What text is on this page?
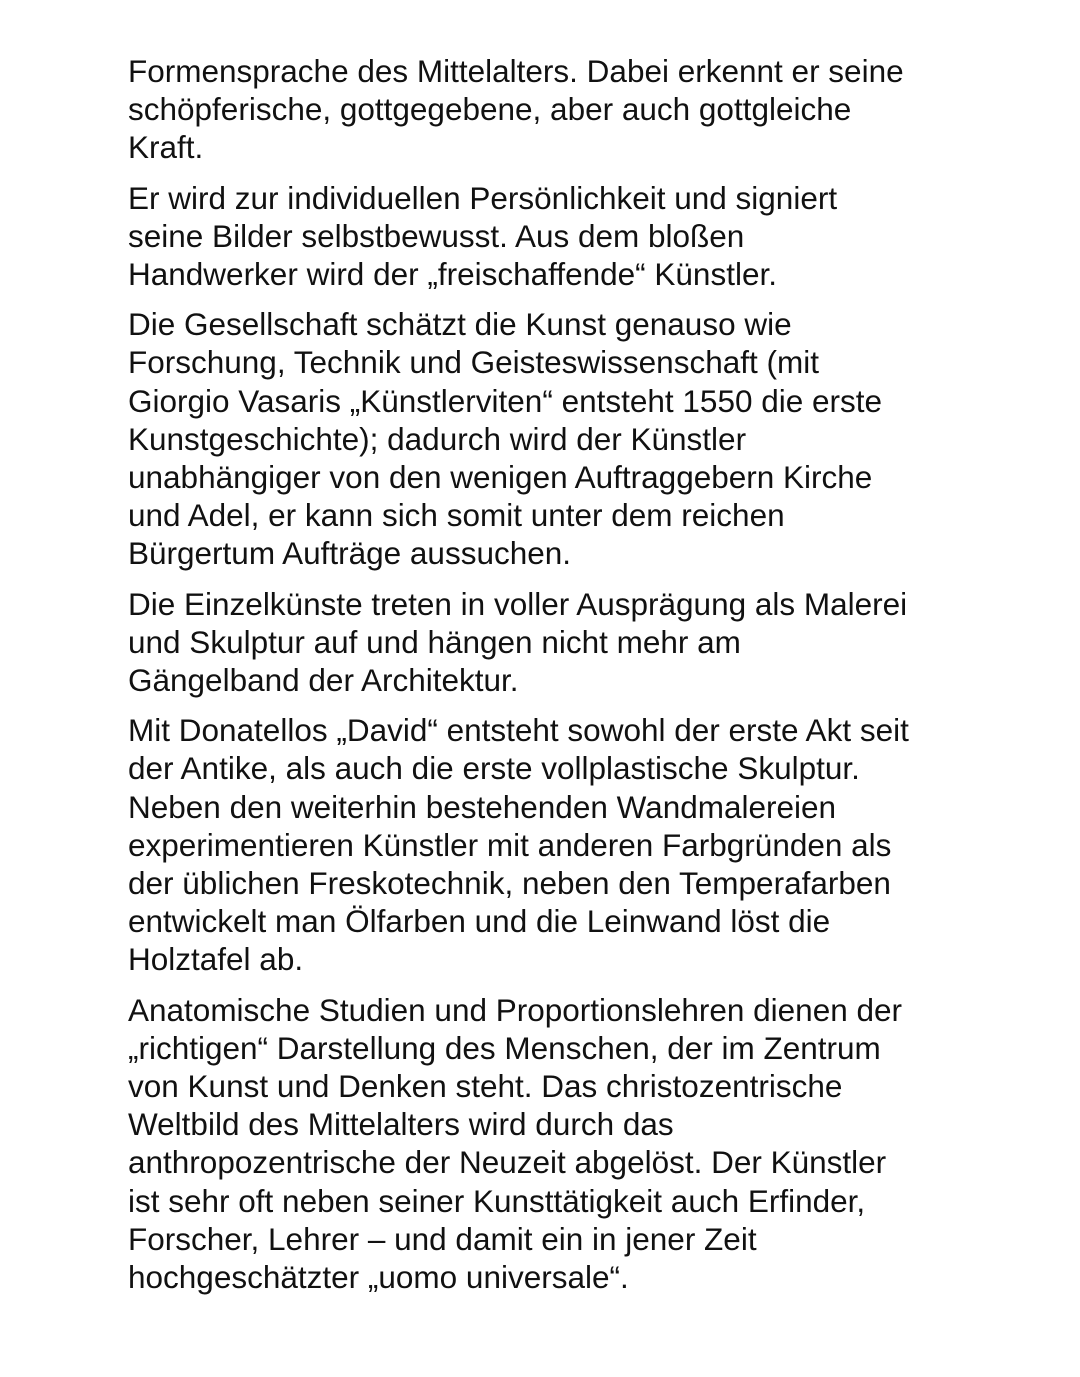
Formensprache des Mittelalters. Dabei erkennt er seine
schöpferische, gottgegebene, aber auch gottgleiche
Kraft.

Er wird zur individuellen Persönlichkeit und signiert
seine Bilder selbstbewusst. Aus dem bloßen
Handwerker wird der „freischaffende“ Künstler.

Die Gesellschaft schätzt die Kunst genauso wie
Forschung, Technik und Geisteswissenschaft (mit
Giorgio Vasaris „Künstlerviten“ entsteht 1550 die erste
Kunstgeschichte); dadurch wird der Künstler
unabhängiger von den wenigen Auftraggebern Kirche
und Adel, er kann sich somit unter dem reichen
Bürgertum Aufträge aussuchen.

Die Einzelkünste treten in voller Ausprägung als Malerei
und Skulptur auf und hängen nicht mehr am
Gängelband der Architektur.

Mit Donatellos „David“ entsteht sowohl der erste Akt seit
der Antike, als auch die erste vollplastische Skulptur.
Neben den weiterhin bestehenden Wandmalereien
experimentieren Künstler mit anderen Farbgründen als
der üblichen Freskotechnik, neben den Temperafarben
entwickelt man Ölfarben und die Leinwand löst die
Holztafel ab.

Anatomische Studien und Proportionslehren dienen der
„richtigen“ Darstellung des Menschen, der im Zentrum
von Kunst und Denken steht. Das christozentrische
Weltbild des Mittelalters wird durch das
anthropozentrische der Neuzeit abgelöst. Der Künstler
ist sehr oft neben seiner Kunsttätigkeit auch Erfinder,
Forscher, Lehrer – und damit ein in jener Zeit
hochgeschätzter „uomo universale“.
